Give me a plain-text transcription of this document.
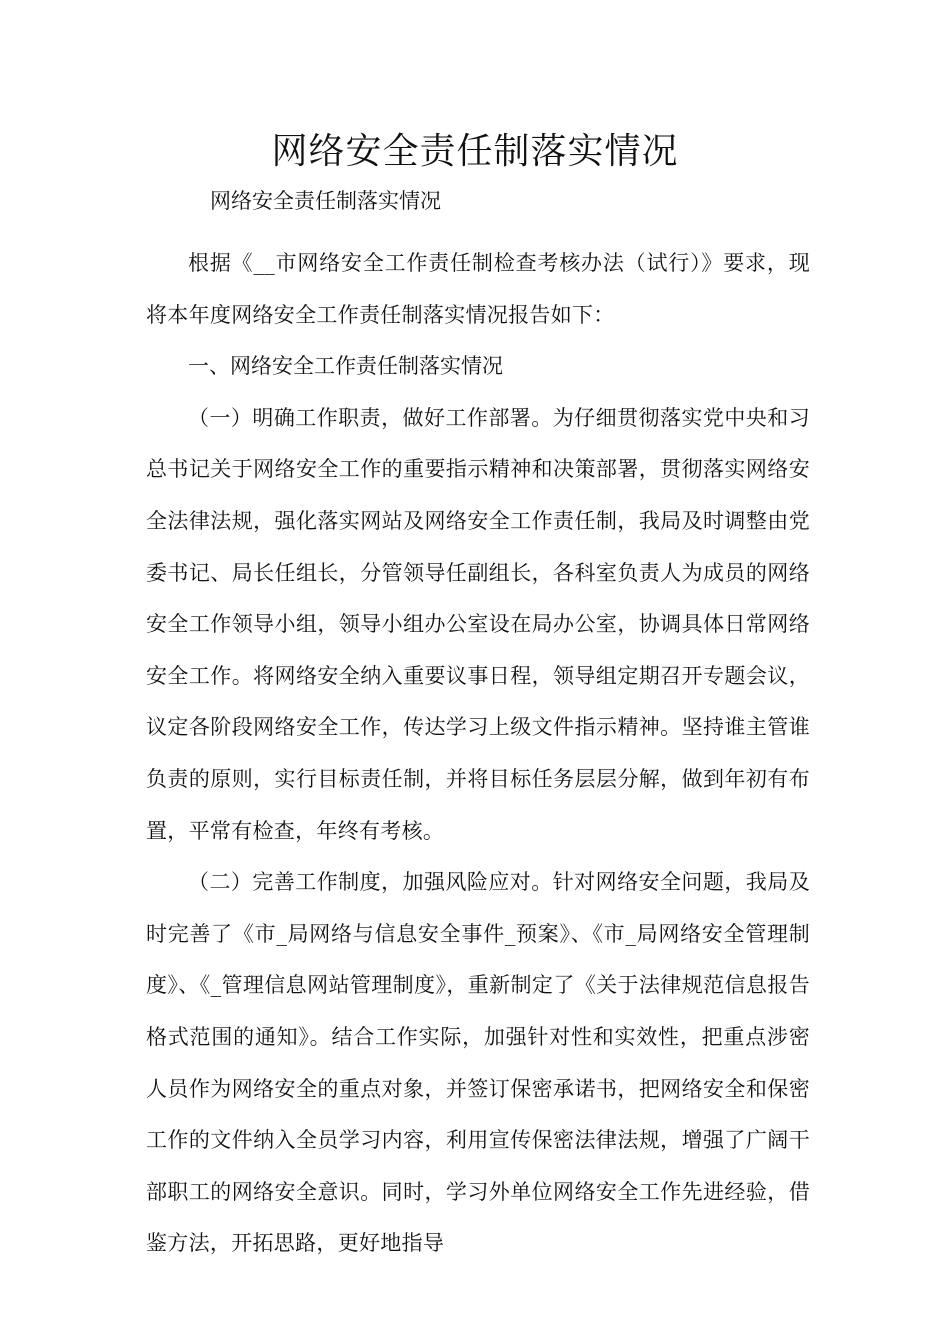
网络安全责任制落实情况

网络安全责任制落实情况

根据《__市网络安全工作责任制检查考核办法（试行）》要求，现将本年度网络安全工作责任制落实情况报告如下：

一、网络安全工作责任制落实情况

（一）明确工作职责，做好工作部署。为仔细贯彻落实党中央和习总书记关于网络安全工作的重要指示精神和决策部署，贯彻落实网络安全法律法规，强化落实网站及网络安全工作责任制，我局及时调整由党委书记、局长任组长，分管领导任副组长，各科室负责人为成员的网络安全工作领导小组，领导小组办公室设在局办公室，协调具体日常网络安全工作。将网络安全纳入重要议事日程，领导组定期召开专题会议，议定各阶段网络安全工作，传达学习上级文件指示精神。坚持谁主管谁负责的原则，实行目标责任制，并将目标任务层层分解，做到年初有布置，平常有检查，年终有考核。

（二）完善工作制度，加强风险应对。针对网络安全问题，我局及时完善了《市_局网络与信息安全事件_预案》、《市_局网络安全管理制度》、《_管理信息网站管理制度》，重新制定了《关于法律规范信息报告格式范围的通知》。结合工作实际，加强针对性和实效性，把重点涉密人员作为网络安全的重点对象，并签订保密承诺书，把网络安全和保密工作的文件纳入全员学习内容，利用宣传保密法律法规，增强了广阔干部职工的网络安全意识。同时，学习外单位网络安全工作先进经验，借鉴方法，开拓思路，更好地指导
